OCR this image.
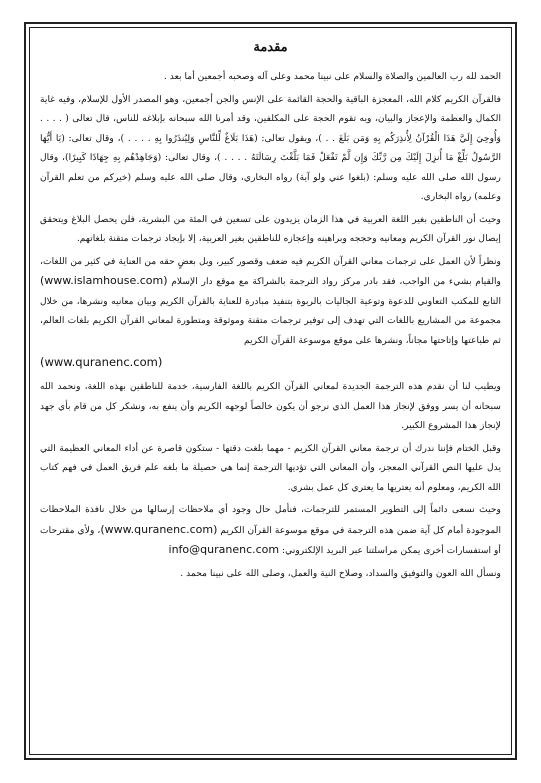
مقدمة

الحمد لله رب العالمين والصلاة والسلام على نبينا محمد وعلى آله وصحبه أجمعين أما بعد .

فالقرآن الكريم كلام الله، المعجزة الباقية والحجة القائمة على الإنس والجن أجمعين، وهو المصدر الأول للإسلام، وفيه غاية الكمال والعظمة والإعجاز والبيان، وبه تقوم الحجة على المكلفين، وقد أمرنا الله سبحانه بإبلاغه للناس، قال تعالى ( . . . . وَأُوحِيَ إِلَيَّ هَذَا الْقُرْآنُ لِأُنذِرَكُم بِهِ وَمَن بَلَغَ . . )، ويقول تعالى: (هَذَا بَلَاغٌ لِّلنَّاسِ وَلِيُنذَرُوا بِهِ . . . . )، وقال تعالى: (يَا أَيُّهَا الرَّسُولُ بَلِّغْ مَا أُنزِلَ إِلَيْكَ مِن رَّبِّكَ وَإِن لَّمْ تَفْعَلْ فَمَا بَلَّغْتَ رِسَالَتَهُ . . . . )، وقال تعالى: (وَجَاهِدْهُم بِهِ جِهَادًا كَبِيرًا)، وقال رسول الله صلى الله عليه وسلم: (بلغوا عني ولو آية) رواه البخاري، وقال صلى الله عليه وسلم (خيركم من تعلم القرآن وعلمه) رواه البخاري.

وحيث أن الناطقين بغير اللغة العربية في هذا الزمان يزيدون على تسعين في المئة من البشرية، فلن يحصل البلاغ ويتحقق إيصال نور القرآن الكريم ومعانيه وحججه وبراهينه وإعجازه للناطقين بغير العربية، إلا بإيجاد ترجمات متقنة بلغاتهم.

ونظراً لأن العمل على ترجمات معاني القرآن الكريم فيه ضعف وقصور كبير، وبل بعضٍ حقه من العناية في كثير من اللغات، والقيام بشيء من الواجب، فقد بادر مركز رواد الترجمة بالشراكة مع موقع دار الإسلام (www.islamhouse.com) التابع للمكتب التعاوني للدعوة وتوعية الجاليات بالربوة بتنفيذ مبادرة للعناية بالقرآن الكريم وبيان معانيه ونشرها، من خلال مجموعة من المشاريع باللغات التي تهدف إلى توفير ترجمات متقنة وموثوقة ومتطورة لمعاني القرآن الكريم بلغات العالم، ثم طباعتها وإتاحتها مجاناً، ونشرها على موقع موسوعة القرآن الكريم

(www.quranenc.com)

ويطيب لنا أن نقدم هذه الترجمة الجديدة لمعاني القرآن الكريم باللغة الفارسية، خدمة للناطقين بهذه اللغة، ونحمد الله سبحانه أن يسر ووفق لإنجاز هذا العمل الذي نرجو أن يكون خالصاً لوجهه الكريم وأن ينفع به، ونشكر كل من قام بأي جهد لإنجاز هذا المشروع الكبير.

وقبل الختام فإننا ندرك أن ترجمة معاني القرآن الكريم - مهما بلغت دقتها - ستكون قاصرة عن أداء المعاني العظيمة التي يدل عليها النص القرآني المعجز، وأن المعاني التي تؤديها الترجمة إنما هي حصيلة ما بلغه علم فريق العمل في فهم كتاب الله الكريم، ومعلوم أنه يعتريها ما يعتري كل عمل بشري.

وحيث نسعى دائماً إلى التطوير المستمر للترجمات، فنأمل حال وجود أي ملاحظات إرسالها من خلال نافذة الملاحظات الموجودة أمام كل آية ضمن هذه الترجمة في موقع موسوعة القرآن الكريم (www.quranenc.com)، ولأي مقترحات أو استفسارات أخرى يمكن مراسلتنا عبر البريد الإلكتروني: info@quranenc.com

ونسأل الله العون والتوفيق والسداد، وصلاح النية والعمل، وصلى الله على نبينا محمد .
